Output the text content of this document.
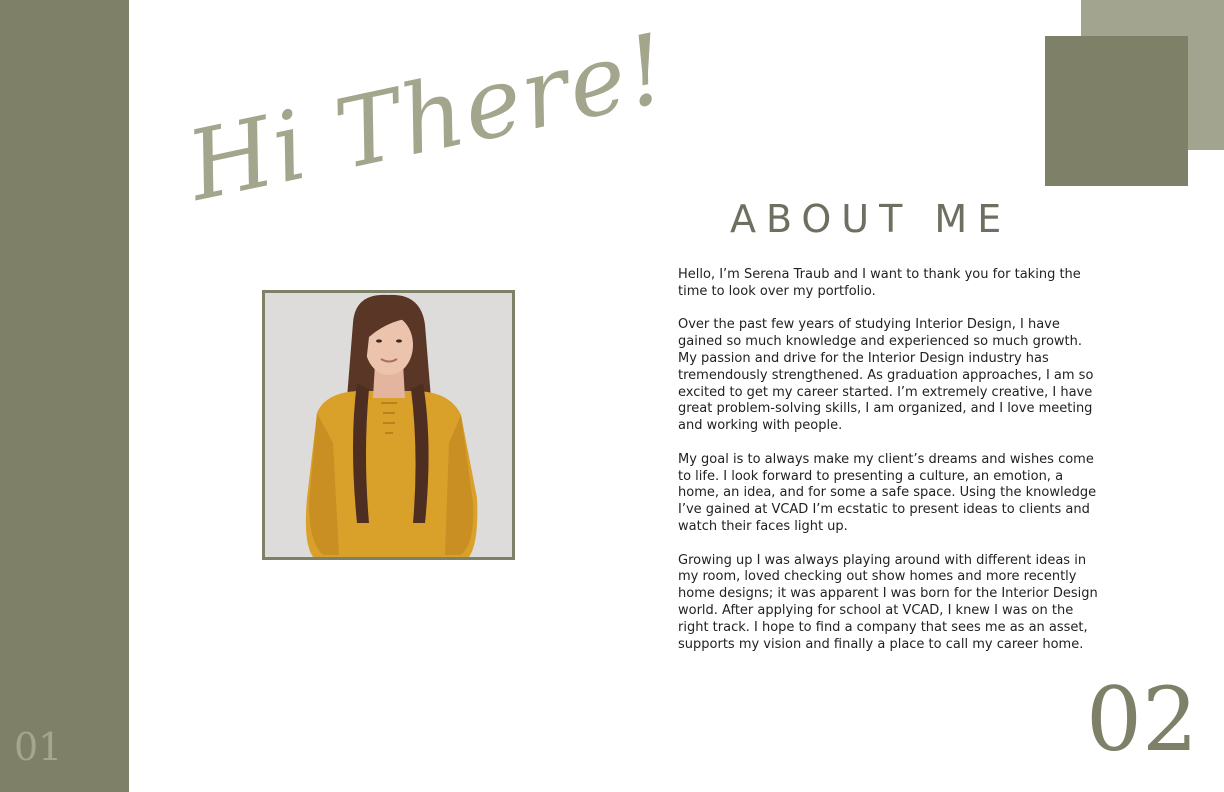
01
Hi There! ABOUT ME

Hello, I’m Serena Traub and I want to thank you for taking the time to look over my portfolio.

Over the past few years of studying Interior Design, I have gained so much knowledge and experienced so much growth. My passion and drive for the Interior Design industry has tremendously strengthened. As graduation approaches, I am so excited to get my career started. I’m extremely creative, I have great problem-solving skills, I am organized, and I love meeting and working with people.

My goal is to always make my client’s dreams and wishes come to life. I look forward to presenting a culture, an emotion, a home, an idea, and for some a safe space. Using the knowledge I’ve gained at VCAD I’m ecstatic to present ideas to clients and watch their faces light up.

Growing up I was always playing around with different ideas in my room, loved checking out show homes and more recently home designs; it was apparent I was born for the Interior Design world. After applying for school at VCAD, I knew I was on the right track. I hope to find a company that sees me as an asset, supports my vision and finally a place to call my career home.

02
